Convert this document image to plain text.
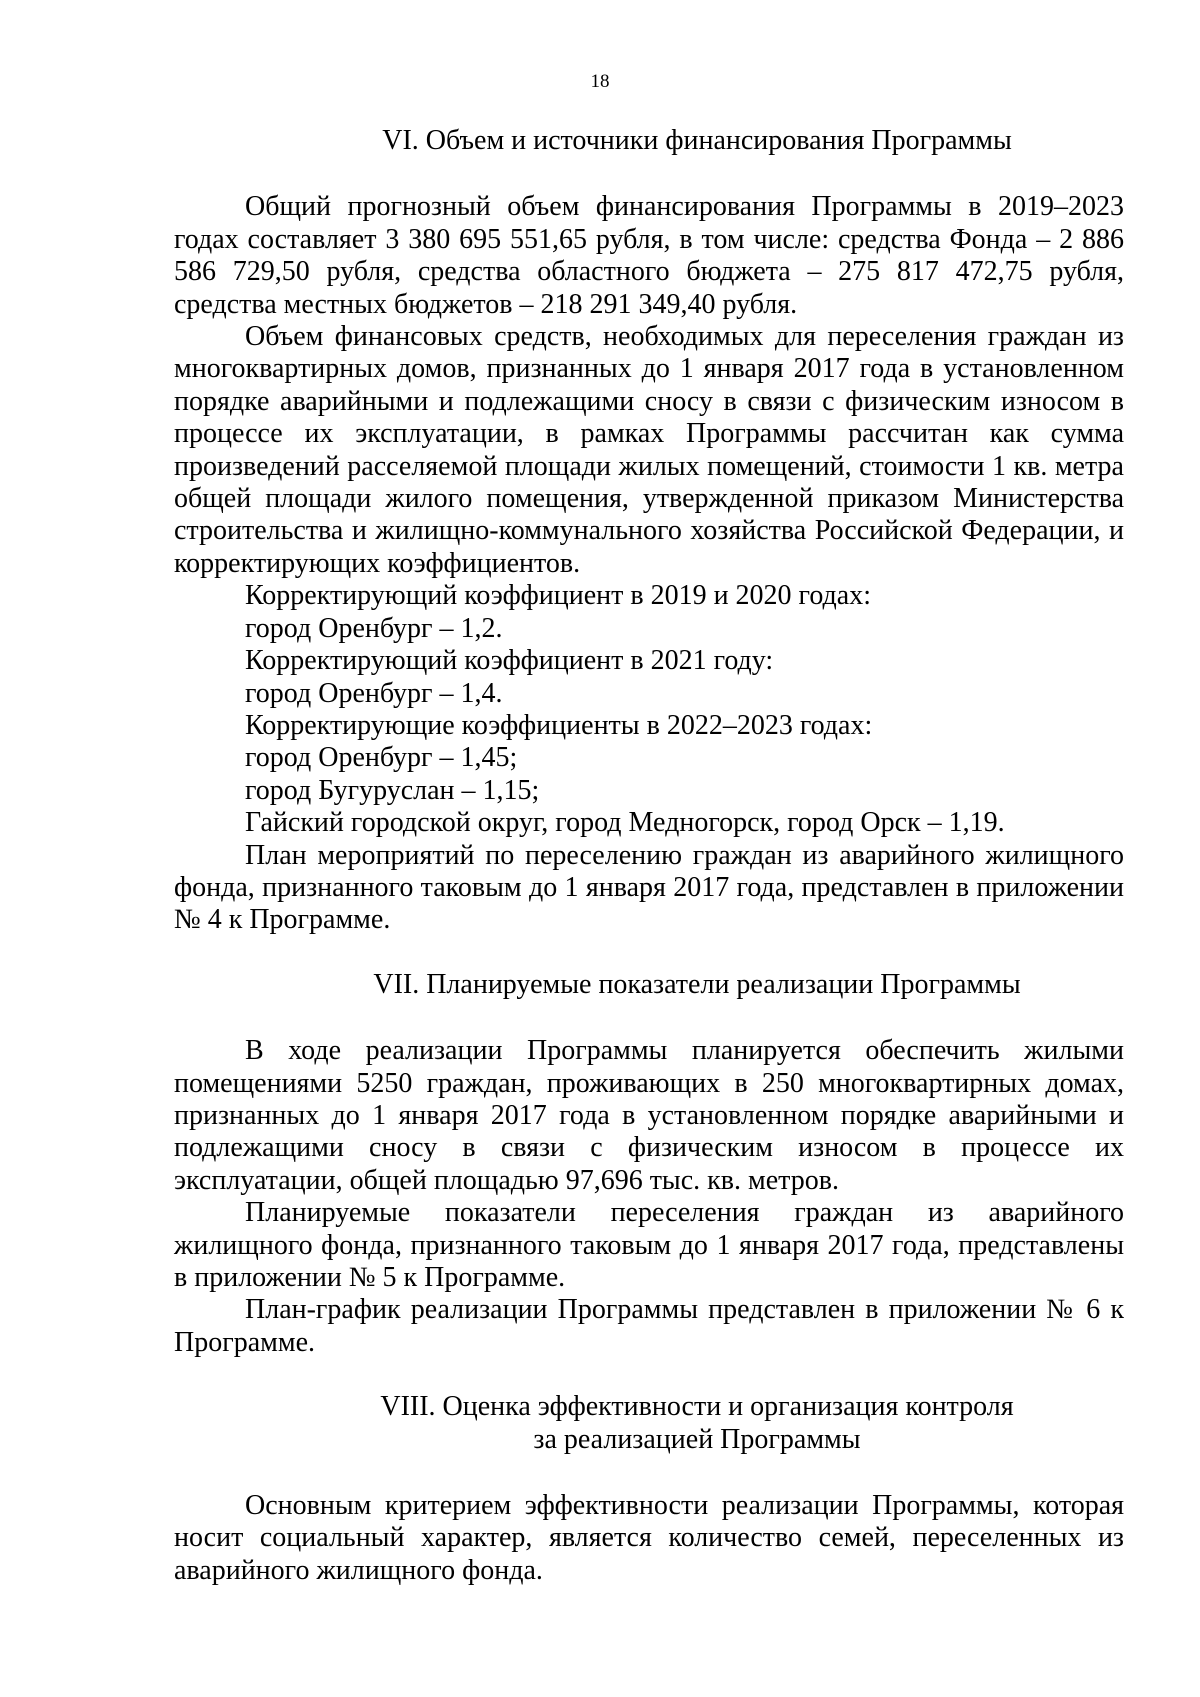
18
VI. Объем и источники финансирования Программы

Общий прогнозный объем финансирования Программы в 2019–2023 годах составляет 3 380 695 551,65 рубля, в том числе: средства Фонда – 2 886 586 729,50 рубля, средства областного бюджета – 275 817 472,75 рубля, средства местных бюджетов – 218 291 349,40 рубля.

Объем финансовых средств, необходимых для переселения граждан из многоквартирных домов, признанных до 1 января 2017 года в установленном порядке аварийными и подлежащими сносу в связи с физическим износом в процессе их эксплуатации, в рамках Программы рассчитан как сумма произведений расселяемой площади жилых помещений, стоимости 1 кв. метра общей площади жилого помещения, утвержденной приказом Министерства строительства и жилищно-коммунального хозяйства Российской Федерации, и корректирующих коэффициентов.

Корректирующий коэффициент в 2019 и 2020 годах:

город Оренбург – 1,2.

Корректирующий коэффициент в 2021 году:

город Оренбург – 1,4.

Корректирующие коэффициенты в 2022–2023 годах:

город Оренбург – 1,45;

город Бугуруслан – 1,15;

Гайский городской округ, город Медногорск, город Орск – 1,19.

План мероприятий по переселению граждан из аварийного жилищного фонда, признанного таковым до 1 января 2017 года, представлен в приложении № 4 к Программе.

VII. Планируемые показатели реализации Программы

В ходе реализации Программы планируется обеспечить жилыми помещениями 5250 граждан, проживающих в 250 многоквартирных домах, признанных до 1 января 2017 года в установленном порядке аварийными и подлежащими сносу в связи с физическим износом в процессе их эксплуатации, общей площадью 97,696 тыс. кв. метров.

Планируемые показатели переселения граждан из аварийного жилищного фонда, признанного таковым до 1 января 2017 года, представлены в приложении № 5 к Программе.

План-график реализации Программы представлен в приложении № 6 к Программе.

VIII. Оценка эффективности и организация контроля
за реализацией Программы

Основным критерием эффективности реализации Программы, которая носит социальный характер, является количество семей, переселенных из аварийного жилищного фонда.
